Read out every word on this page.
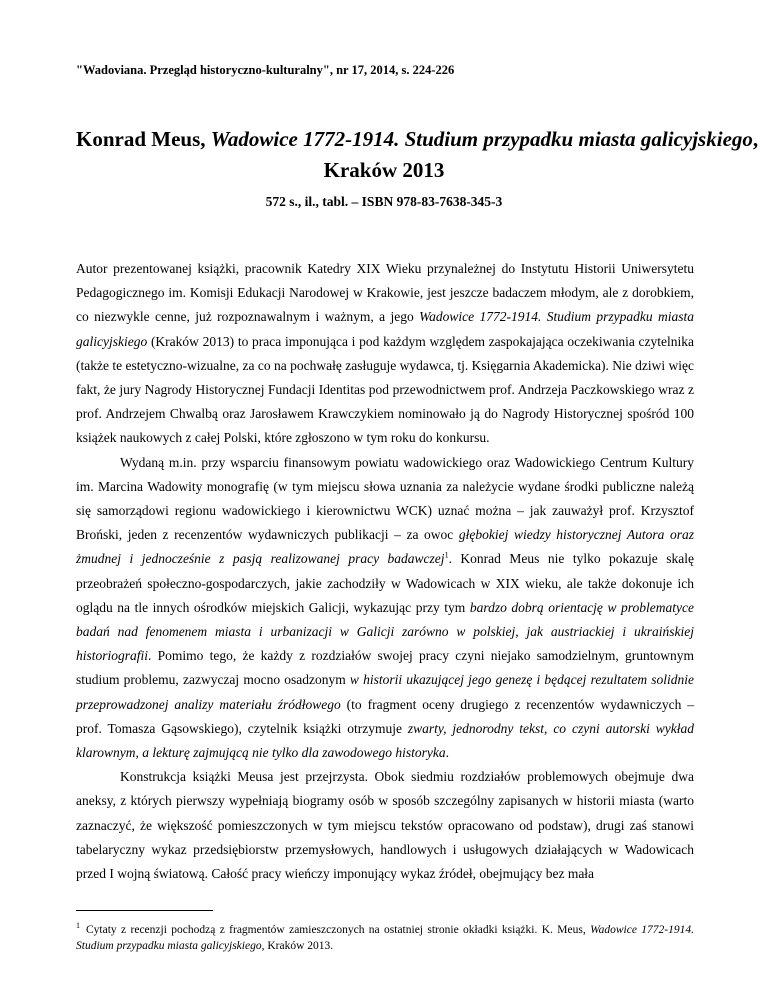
"Wadoviana. Przegląd historyczno-kulturalny", nr 17, 2014, s. 224-226
Konrad Meus, Wadowice 1772-1914. Studium przypadku miasta galicyjskiego,
Kraków 2013
572 s., il., tabl. – ISBN 978-83-7638-345-3

Autor prezentowanej książki, pracownik Katedry XIX Wieku przynależnej do Instytutu Historii Uniwersytetu Pedagogicznego im. Komisji Edukacji Narodowej w Krakowie, jest jeszcze badaczem młodym, ale z dorobkiem, co niezwykle cenne, już rozpoznawalnym i ważnym, a jego Wadowice 1772-1914. Studium przypadku miasta galicyjskiego (Kraków 2013) to praca imponująca i pod każdym względem zaspokajająca oczekiwania czytelnika (także te estetyczno-wizualne, za co na pochwałę zasługuje wydawca, tj. Księgarnia Akademicka). Nie dziwi więc fakt, że jury Nagrody Historycznej Fundacji Identitas pod przewodnictwem prof. Andrzeja Paczkowskiego wraz z prof. Andrzejem Chwalbą oraz Jarosławem Krawczykiem nominowało ją do Nagrody Historycznej spośród 100 książek naukowych z całej Polski, które zgłoszono w tym roku do konkursu.

Wydaną m.in. przy wsparciu finansowym powiatu wadowickiego oraz Wadowickiego Centrum Kultury im. Marcina Wadowity monografię (w tym miejscu słowa uznania za należycie wydane środki publiczne należą się samorządowi regionu wadowickiego i kierownictwu WCK) uznać można – jak zauważył prof. Krzysztof Broński, jeden z recenzentów wydawniczych publikacji – za owoc głębokiej wiedzy historycznej Autora oraz żmudnej i jednocześnie z pasją realizowanej pracy badawczej$^1$. Konrad Meus nie tylko pokazuje skalę przeobrażeń społeczno-gospodarczych, jakie zachodziły w Wadowicach w XIX wieku, ale także dokonuje ich oglądu na tle innych ośrodków miejskich Galicji, wykazując przy tym bardzo dobrą orientację w problematyce badań nad fenomenem miasta i urbanizacji w Galicji zarówno w polskiej, jak austriackiej i ukraińskiej historiografii. Pomimo tego, że każdy z rozdziałów swojej pracy czyni niejako samodzielnym, gruntownym studium problemu, zazwyczaj mocno osadzonym w historii ukazującej jego genezę i będącej rezultatem solidnie przeprowadzonej analizy materiału źródłowego (to fragment oceny drugiego z recenzentów wydawniczych – prof. Tomasza Gąsowskiego), czytelnik książki otrzymuje zwarty, jednorodny tekst, co czyni autorski wykład klarownym, a lekturę zajmującą nie tylko dla zawodowego historyka.

Konstrukcja książki Meusa jest przejrzysta. Obok siedmiu rozdziałów problemowych obejmuje dwa aneksy, z których pierwszy wypełniają biogramy osób w sposób szczególny zapisanych w historii miasta (warto zaznaczyć, że większość pomieszczonych w tym miejscu tekstów opracowano od podstaw), drugi zaś stanowi tabelaryczny wykaz przedsiębiorstw przemysłowych, handlowych i usługowych działających w Wadowicach przed I wojną światową. Całość pracy wieńczy imponujący wykaz źródeł, obejmujący bez mała

$^1$ Cytaty z recenzji pochodzą z fragmentów zamieszczonych na ostatniej stronie okładki książki. K. Meus, Wadowice 1772-1914. Studium przypadku miasta galicyjskiego, Kraków 2013.
